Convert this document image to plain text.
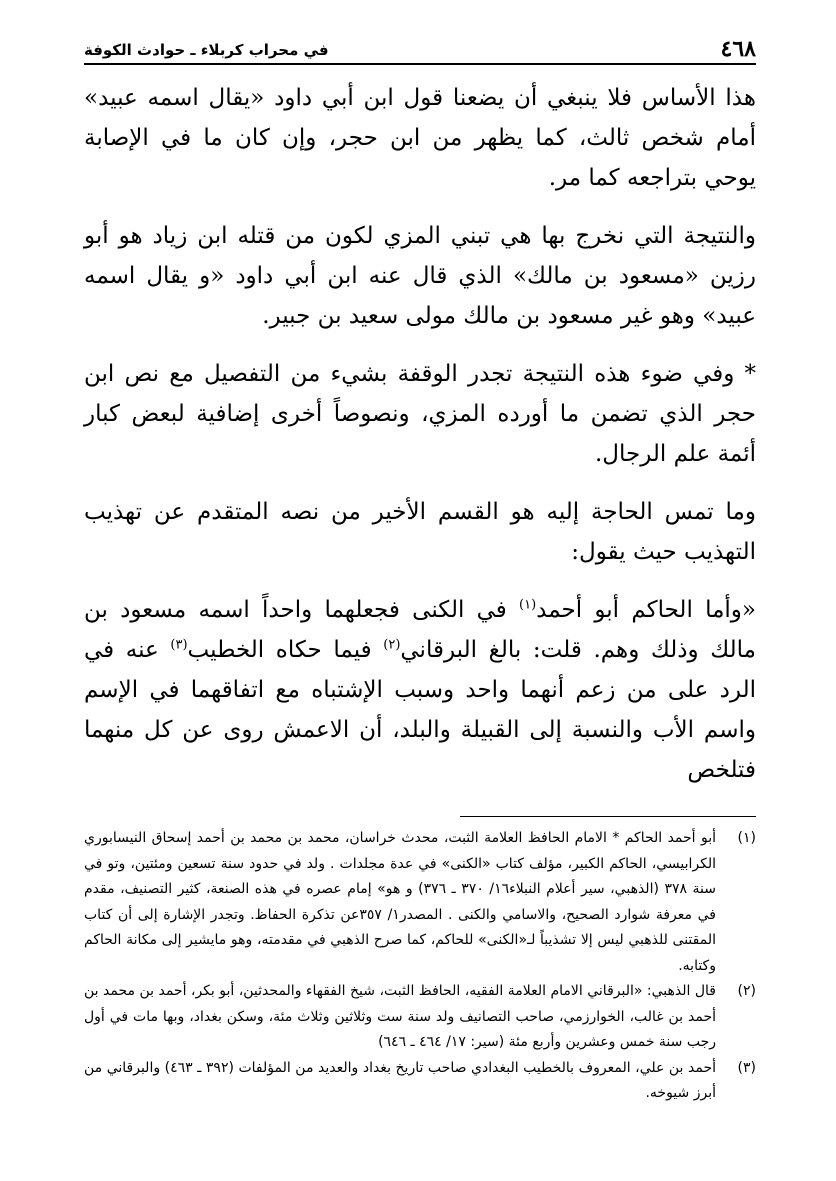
٤٦٨
في محراب كربلاء ـ حوادث الكوفة

هذا الأساس فلا ينبغي أن يضعنا قول ابن أبي داود «يقال اسمه عبيد» أمام شخص ثالث، كما يظهر من ابن حجر، وإن كان ما في الإصابة يوحي بتراجعه كما مر.

والنتيجة التي نخرج بها هي تبني المزي لكون من قتله ابن زياد هو أبو رزين «مسعود بن مالك» الذي قال عنه ابن أبي داود «و يقال اسمه عبيد» وهو غير مسعود بن مالك مولى سعيد بن جبير.

* وفي ضوء هذه النتيجة تجدر الوقفة بشيء من التفصيل مع نص ابن حجر الذي تضمن ما أورده المزي، ونصوصاً أخرى إضافية لبعض كبار أئمة علم الرجال.

وما تمس الحاجة إليه هو القسم الأخير من نصه المتقدم عن تهذيب التهذيب حيث يقول:

«وأما الحاكم أبو أحمد$^{(١)}$ في الكنى فجعلهما واحداً اسمه مسعود بن مالك وذلك وهم. قلت: بالغ البرقاني$^{(٢)}$ فيما حكاه الخطيب$^{(٣)}$ عنه في الرد على من زعم أنهما واحد وسبب الإشتباه مع اتفاقهما في الإسم واسم الأب والنسبة إلى القبيلة والبلد، أن الاعمش روى عن كل منهما فتلخص

(١)
أبو أحمد الحاكم * الامام الحافظ العلامة الثبت، محدث خراسان، محمد بن محمد بن أحمد إسحاق النيسابوري الكرابيسي، الحاكم الكبير، مؤلف كتاب «الكنى» في عدة مجلدات . ولد في حدود سنة تسعين ومئتين، وتو في سنة ٣٧٨ (الذهبي، سير أعلام النبلاء١٦/ ٣٧٠ ـ ٣٧٦) و هو» إمام عصره في هذه الصنعة، كثير التصنيف، مقدم في معرفة شوارد الصحيح، والاسامي والكنى . المصدر١/ ٣٥٧عن تذكرة الحفاظ. وتجدر الإشارة إلى أن كتاب المقتنى للذهبي ليس إلا تشذيباً لـ«الكنى» للحاكم، كما صرح الذهبي في مقدمته، وهو مايشير إلى مكانة الحاكم وكتابه.
(٢)
قال الذهبي: «البرقاني الامام العلامة الفقيه، الحافظ الثبت، شيخ الفقهاء والمحدثين، أبو بكر، أحمد بن محمد بن أحمد بن غالب، الخوارزمي، صاحب التصانيف ولد سنة ست وثلاثين وثلاث مئة، وسكن بغداد، وبها مات في أول رجب سنة خمس وعشرين وأربع مئة (سير: ١٧/ ٤٦٤ ـ ٦٤٦)
(٣)
أحمد بن علي، المعروف بالخطيب البغدادي صاحب تاريخ بغداد والعديد من المؤلفات (٣٩٢ ـ ٤٦٣) والبرقاني من أبرز شيوخه.
